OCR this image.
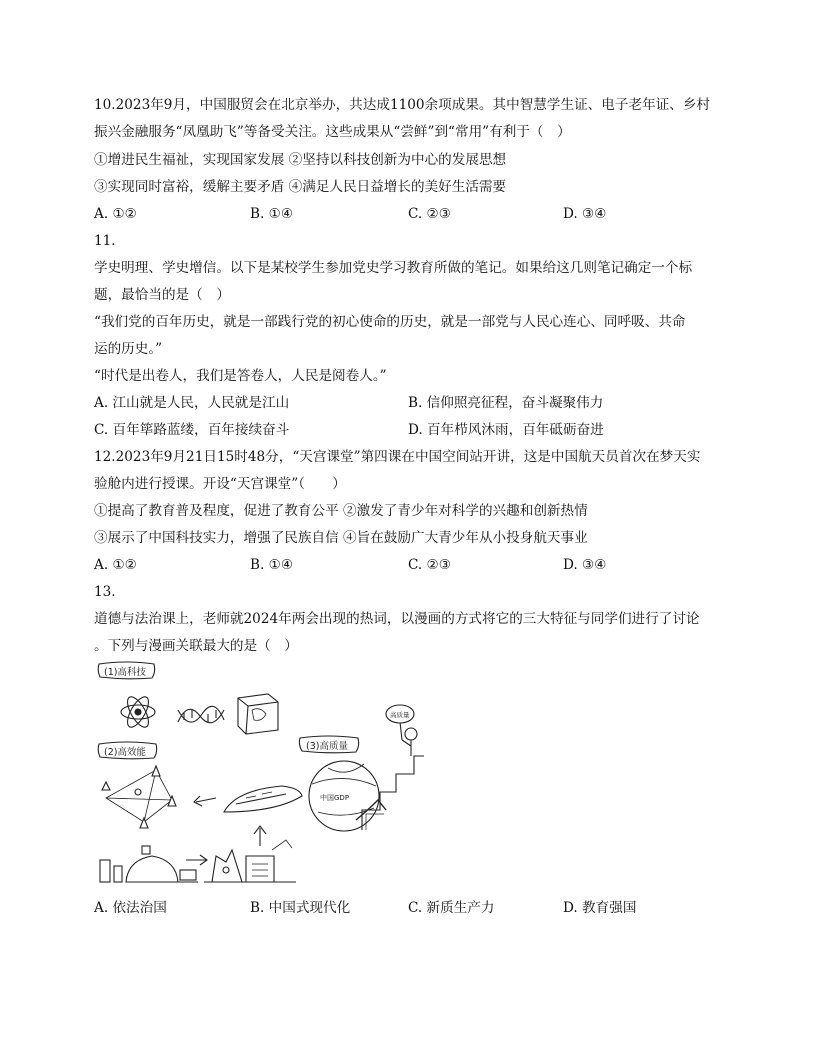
10.2023年9月，中国服贸会在北京举办，共达成1100余项成果。其中智慧学生证、电子老年证、乡村
振兴金融服务“凤凰助飞”等备受关注。这些成果从“尝鲜”到“常用”有利于（　）
①增进民生福祉，实现国家发展 ②坚持以科技创新为中心的发展思想
③实现同时富裕，缓解主要矛盾 ④满足人民日益增长的美好生活需要
A. ①②	B. ①④	C. ②③	D. ③④
11.
学史明理、学史增信。以下是某校学生参加党史学习教育所做的笔记。如果给这几则笔记确定一个标
题，最恰当的是（　）
“我们党的百年历史，就是一部践行党的初心使命的历史，就是一部党与人民心连心、同呼吸、共命
运的历史。”
“时代是出卷人，我们是答卷人，人民是阅卷人。”
A. 江山就是人民，人民就是江山	B. 信仰照亮征程，奋斗凝聚伟力
C. 百年筚路蓝缕，百年接续奋斗	D. 百年栉风沐雨，百年砥砺奋进
12.2023年9月21日15时48分，“天宫课堂”第四课在中国空间站开讲，这是中国航天员首次在梦天实
验舱内进行授课。开设“天宫课堂”（　　）
①提高了教育普及程度，促进了教育公平 ②激发了青少年对科学的兴趣和创新热情
③展示了中国科技实力，增强了民族自信 ④旨在鼓励广大青少年从小投身航天事业
A. ①②	B. ①④	C. ②③	D. ③④
13.
道德与法治课上，老师就2024年两会出现的热词，以漫画的方式将它的三大特征与同学们进行了讨论
。下列与漫画关联最大的是（　）
(1)高科技
(2)高效能
(3)高质量
中国GDP
高质量
A. 依法治国	B. 中国式现代化	C. 新质生产力	D. 教育强国
